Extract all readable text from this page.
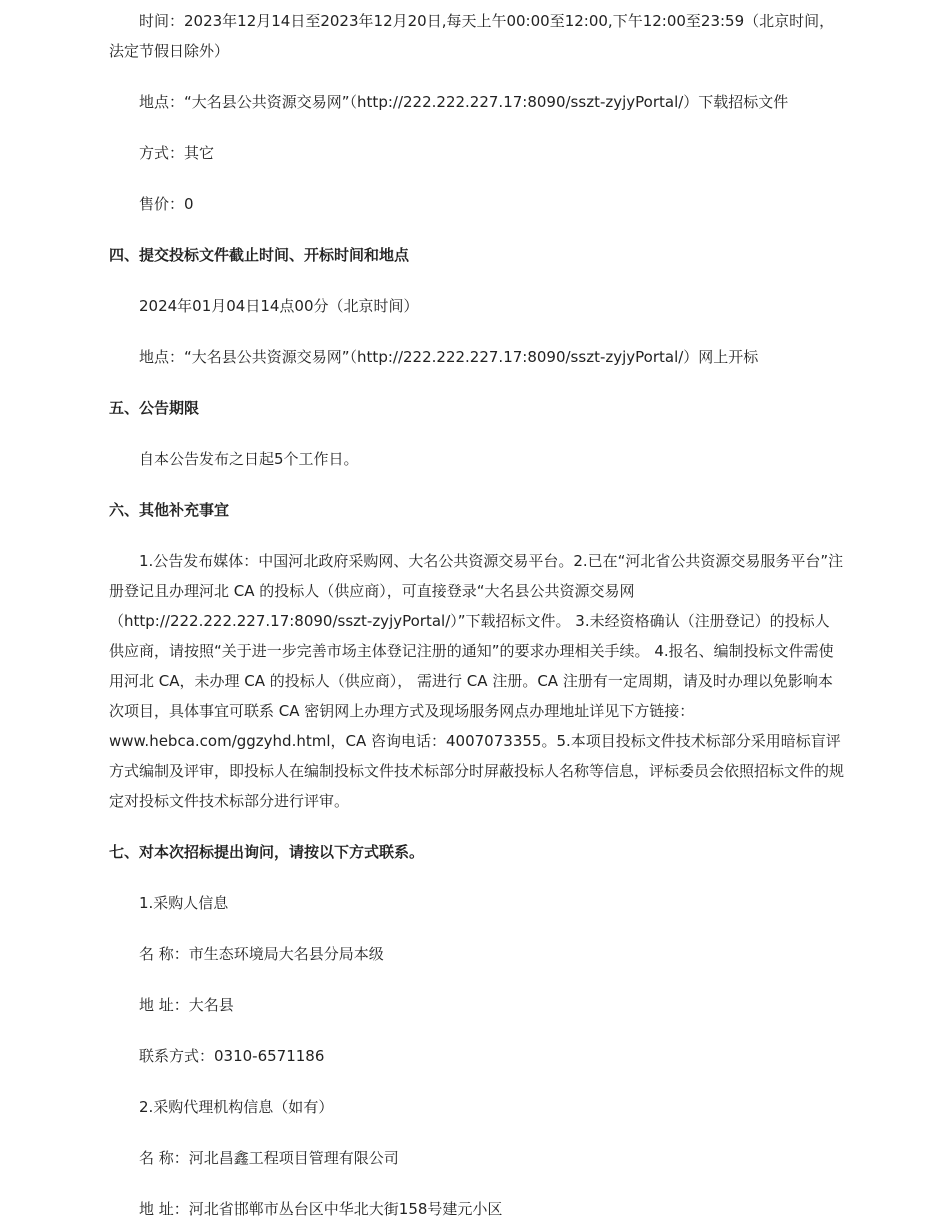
时间：2023年12月14日至2023年12月20日,每天上午00:00至12:00,下午12:00至23:59（北京时间，法定节假日除外）

地点：“大名县公共资源交易网”（http://222.222.227.17:8090/sszt-zyjyPortal/）下载招标文件

方式：其它

售价：0

四、提交投标文件截止时间、开标时间和地点

2024年01月04日14点00分（北京时间）

地点：“大名县公共资源交易网”（http://222.222.227.17:8090/sszt-zyjyPortal/）网上开标

五、公告期限

自本公告发布之日起5个工作日。

六、其他补充事宜

1.公告发布媒体：中国河北政府采购网、大名公共资源交易平台。2.已在“河北省公共资源交易服务平台”注册登记且办理河北 CA 的投标人（供应商），可直接登录“大名县公共资源交易网（http://222.222.227.17:8090/sszt-zyjyPortal/）”下载招标文件。 3.未经资格确认（注册登记）的投标人供应商，请按照“关于进一步完善市场主体登记注册的通知”的要求办理相关手续。 4.报名、编制投标文件需使用河北 CA，未办理 CA 的投标人（供应商）， 需进行 CA 注册。CA 注册有一定周期，请及时办理以免影响本次项目，具体事宜可联系 CA 密钥网上办理方式及现场服务网点办理地址详见下方链接：www.hebca.com/ggzyhd.html，CA 咨询电话：4007073355。5.本项目投标文件技术标部分采用暗标盲评方式编制及评审，即投标人在编制投标文件技术标部分时屏蔽投标人名称等信息，评标委员会依照招标文件的规定对投标文件技术标部分进行评审。

七、对本次招标提出询问，请按以下方式联系。

1.采购人信息

名 称：市生态环境局大名县分局本级

地 址：大名县

联系方式：0310-6571186

2.采购代理机构信息（如有）

名 称：河北昌鑫工程项目管理有限公司

地 址：河北省邯郸市丛台区中华北大街158号建元小区
